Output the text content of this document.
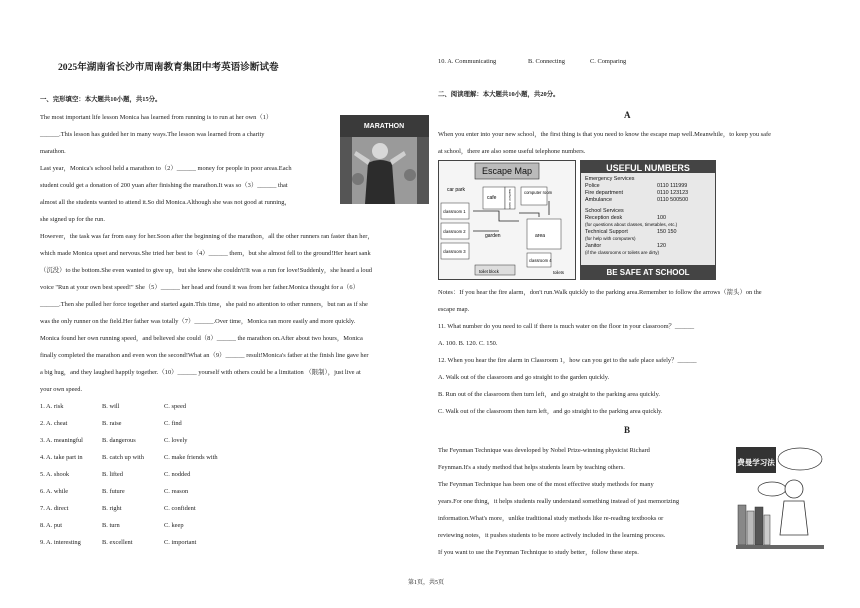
2025年湖南省长沙市周南教育集团中考英语诊断试卷
一、完形填空：本大题共10小题，共15分。
The most important life lesson Monica has learned from running is to run at her own（1）
______.This lesson has guided her in many ways.The lesson was learned from a charity
marathon.
Last year，Monica's school held a marathon to（2）______ money for people in poor areas.Each
student could get a donation of 200 yuan after finishing the marathon.It was so（3）______ that
almost all the students wanted to attend it.So did Monica.Although she was not good at running，
she signed up for the run.
However，the task was far from easy for her.Soon after the beginning of the marathon，all the other runners ran faster than her，
which made Monica upset and nervous.She tried her best to（4）______ them，but she almost fell to the ground!Her heart sank
（沉没）to the bottom.She even wanted to give up，but she knew she couldn't!It was a run for love!Suddenly，she heard a loud
voice "Run at your own best speed!" She（5）______ her head and found it was from her father.Monica thought for a（6）
______.Then she pulled her force together and started again.This time，she paid no attention to other runners，but ran as if she
was the only runner on the field.Her father was totally（7）______.Over time，Monica ran more easily and more quickly.
Monica found her own running speed，and believed she could（8）______ the marathon on.After about two hours，Monica
finally completed the marathon and even won the second!What an（9）______ result!Monica's father at the finish line gave her
a big hug，and they laughed happily together.（10）______ yourself with others could be a limitation （限制），just live at
your own speed.
1. A. risk	B. will	C. speed
2. A. cheat	B. raise	C. find
3. A. meaningful	B. dangerous	C. lovely
4. A. take part in	B. catch up with	C. make friends with
5. A. shook	B. lifted	C. nodded
6. A. while	B. future	C. reason
7. A. direct	B. right	C. confident
8. A. put	B. turn	C. keep
9. A. interesting	B. excellent	C. important
MARATHON
10. A. Communicating	B. Connecting	C. Comparing
二、阅读理解：本大题共10小题，共20分。
A
When you enter into your new school，the first thing is that you need to know the escape map well.Meanwhile，to keep you safe
at school，there are also some useful telephone numbers.
Escape Map
car park
cafe	teachers' room	computer room
classroom 1
classroom 2
classroom 3
garden	area
classroom 4
toilets
toilet block
USEFUL NUMBERS
Emergency Services
Police	0110 111999
Fire department	0110 123123
Ambulance	0110 500500
School Services
Reception desk	100
(for questions about classes, timetables, etc.)
Technical Support	150 150
(for help with computers)
Janitor	120
(if the classrooms or toilets are dirty)
BE SAFE AT SCHOOL
Notes：If you hear the fire alarm，don't run.Walk quickly to the parking area.Remember to follow the arrows（箭头）on the
escape map.
11. What number do you need to call if there is much water on the floor in your classroom？______
A. 100. B. 120. C. 150.
12. When you hear the fire alarm in Classroom 1，how can you get to the safe place safely？______
A. Walk out of the classroom and go straight to the garden quickly.
B. Run out of the classroom then turn left，and go straight to the parking area quickly.
C. Walk out of the classroom then turn left，and go straight to the parking area quickly.
B
The Feynman Technique was developed by Nobel Prize-winning physicist Richard
Feynman.It's a study method that helps students learn by teaching others.
The Feynman Technique has been one of the most effective study methods for many
years.For one thing，it helps students really understand something instead of just memorizing
information.What's more，unlike traditional study methods like re-reading textbooks or
reviewing notes，it pushes students to be more actively included in the learning process.
If you want to use the Feynman Technique to study better，follow these steps.
费曼学习法
第1页，共5页
